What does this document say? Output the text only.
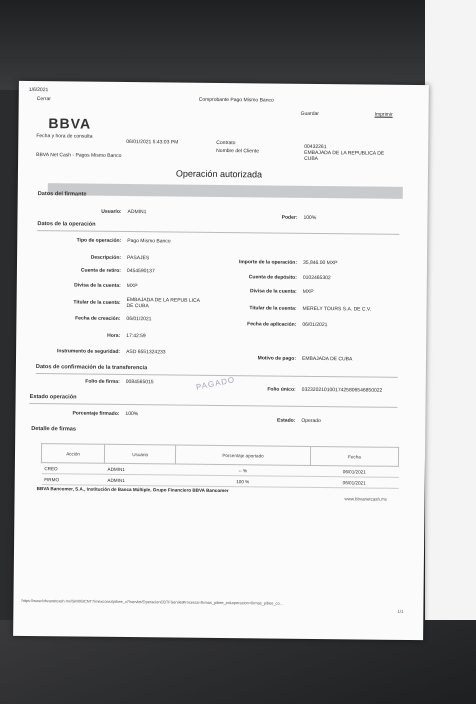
1/6/2021
Cerrar	Comprobante Pago Mismo Banco
Guardar	Imprimir
BBVA
Fecha y hora de consulta
06/01/2021 5:43:03 PM	Contrato
00432261
Nombre del Cliente	EMBAJADA DE LA REPUBLICA DE
CUBA
BBVA Net Cash - Pagos Mismo Banco
Operación autorizada
Datos del firmante
Usuario: ADMIN1
Poder: 100%
Datos de la operación
Tipo de operación: Pago Mismo Banco
Descripción: PASAJES
Importe de la operación: 35,846.00 MXP
Cuenta de retiro: 0454590137
Cuenta de depósito: 0102465302
Divisa de la cuenta: MXP
Divisa de la cuenta: MXP
Titular de la cuenta: EMBAJADA DE LA REPUB LICA
DE CUBA	Titular de la cuenta: MERELY TOURS S.A. DE C.V.
Fecha de creación: 06/01/2021
Fecha de aplicación: 06/01/2021
Hora: 17:42:59
Instrumento de seguridad: ASD 6551324233
Motivo de pago: EMBAJADA DE CUBA
Datos de confirmación de la transferencia
Folio de firma: 0084565015	PAGADO	Folio único: 03232021010017425806546850022
Estado operación
Porcentaje firmado: 100%
Estado: Operado
Detalle de firmas
Acción	Usuario	Porcentaje aportado	Fecha
CREO	ADMIN1	-- %	06/01/2021
FIRMO	ADMIN1	100 %	06/01/2021
BBVA Bancomer, S.A., Institución de Banca Múltiple, Grupo Financiero BBVA Bancomer
www.bbvanetcash.mx
https://www.bbvanetcash.mx/SMIXBCNT7/mexconsr/pibee_v7/servlet/OperacionCBTFServletProcesso=firmas_pibee_pr&operacion=firmas_pibee_co...
1/1
